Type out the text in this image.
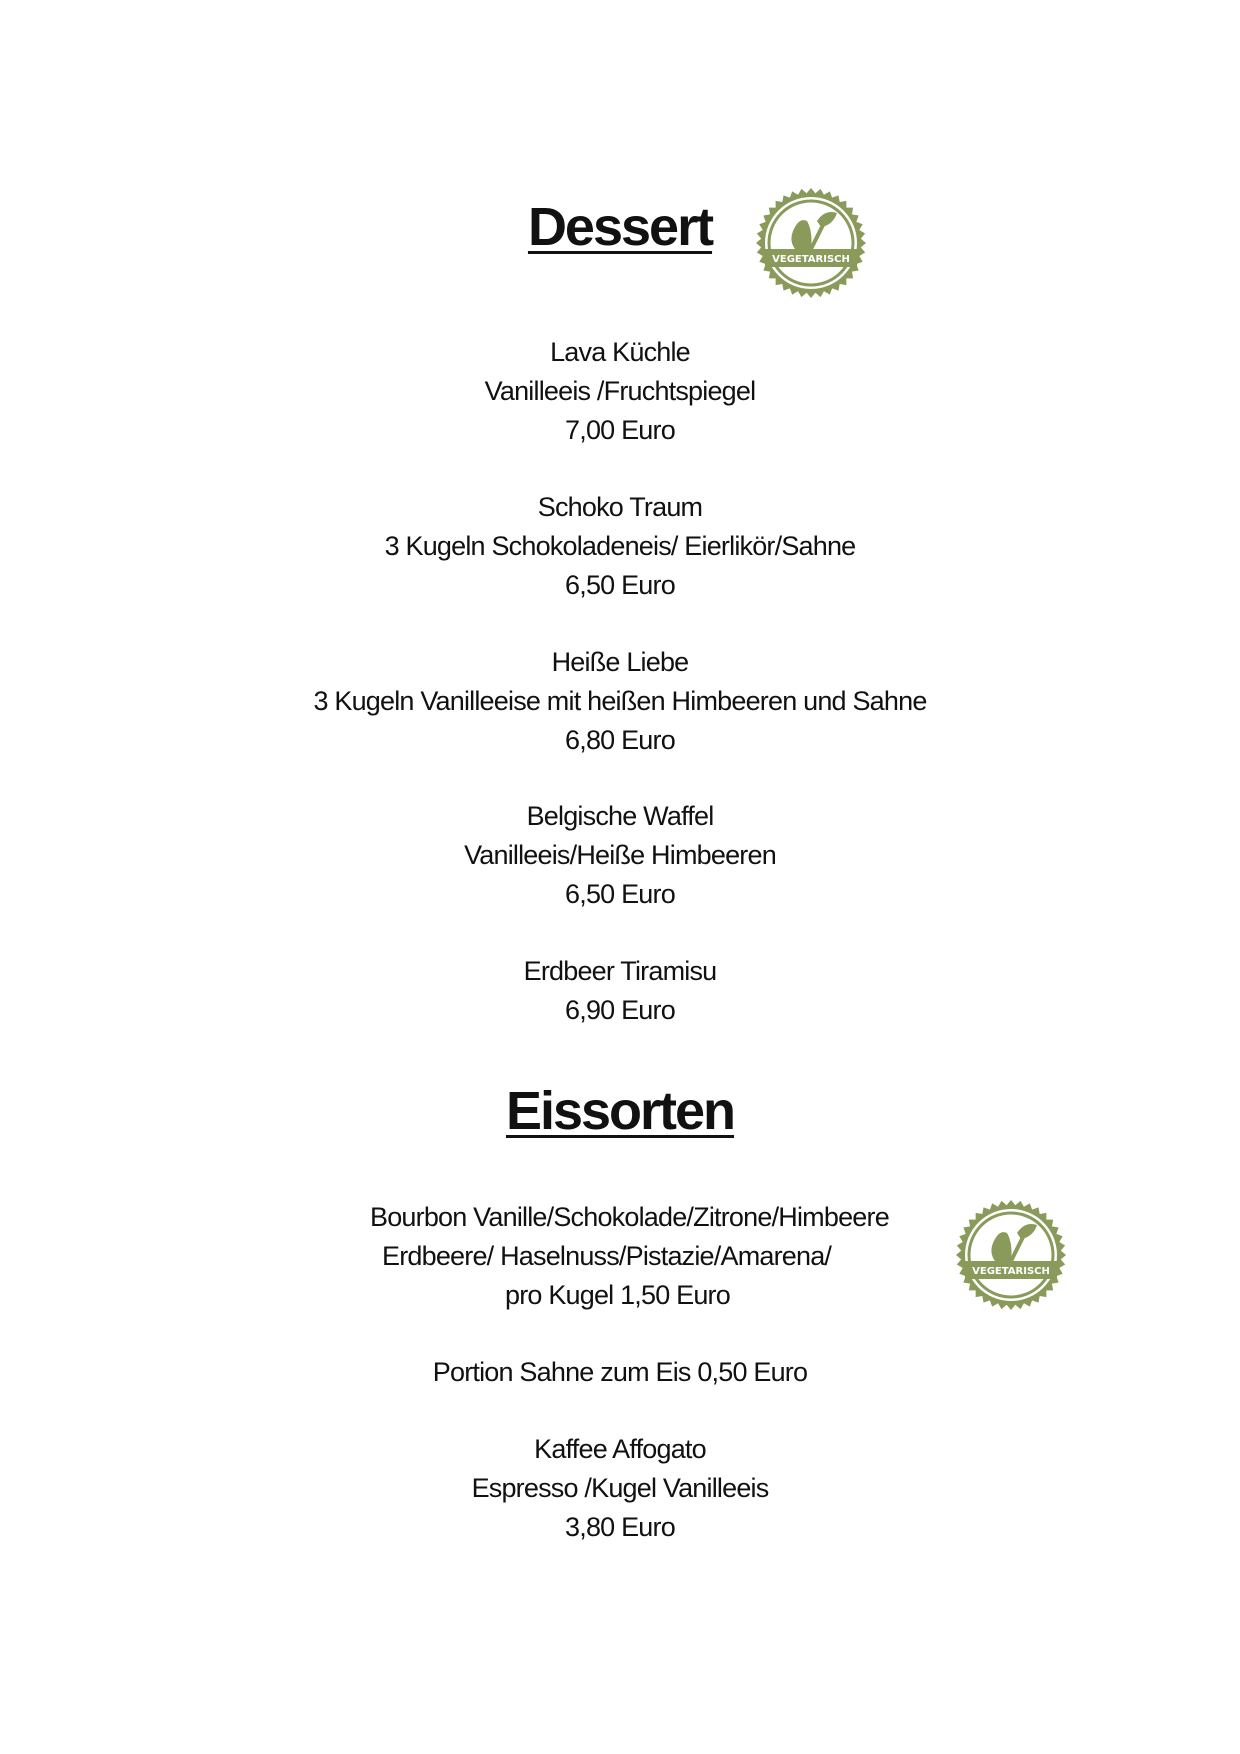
Dessert
VEGETARISCH
Lava Küchle
Vanilleeis /Fruchtspiegel
7,00 Euro
Schoko Traum
3 Kugeln Schokoladeneis/ Eierlikör/Sahne
6,50 Euro
Heiße Liebe
3 Kugeln Vanilleeise mit heißen Himbeeren und Sahne
6,80 Euro
Belgische Waffel
Vanilleeis/Heiße Himbeeren
6,50 Euro
Erdbeer Tiramisu
6,90 Euro
Eissorten
Bourbon Vanille/Schokolade/Zitrone/Himbeere
Erdbeere/ Haselnuss/Pistazie/Amarena/
pro Kugel 1,50 Euro
VEGETARISCH
Portion Sahne zum Eis 0,50 Euro
Kaffee Affogato
Espresso /Kugel Vanilleeis
3,80 Euro
